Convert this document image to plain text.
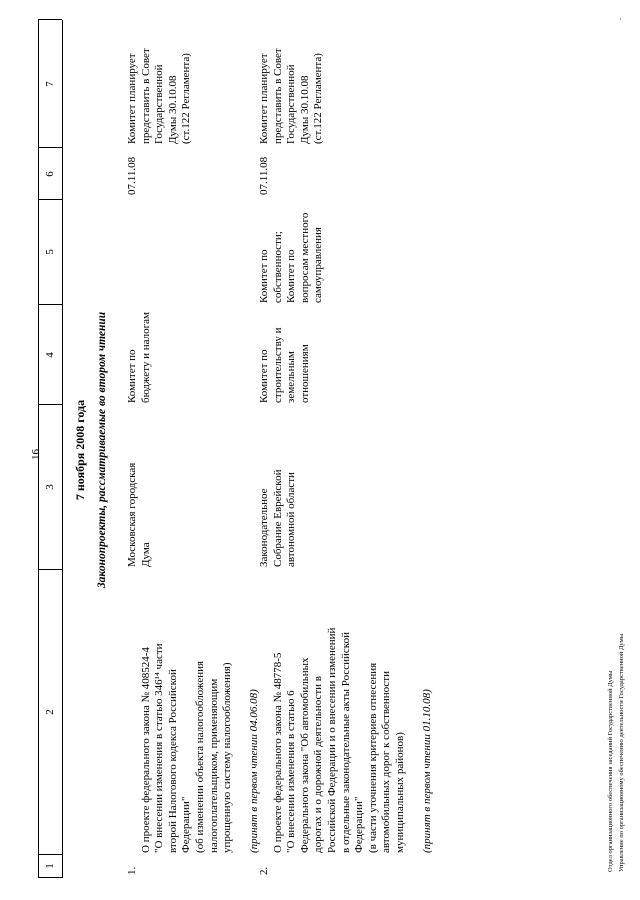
16
1
2
3
4
5
6
7
7 ноября 2008 года Законопроекты, рассматриваемые во втором чтении
1.

О проекте федерального закона № 408524-4
"О внесении изменения в статью 346¹⁴ части
второй Налогового кодекса Российской
Федерации"
(об изменении объекта налогообложения
налогоплательщиком, применяющим
упрощенную систему налогообложения) (принят в первом чтении 04.06.08)

Московская городская
Дума
Комитет по
бюджету и налогам
07.11.08
Комитет планирует
представить в Совет
Государственной
Думы 30.10.08
(ст.122 Регламента)
2.

О проекте федерального закона № 48778-5
"О внесении изменения в статью 6
Федерального закона "Об автомобильных
дорогах и о дорожной деятельности в
Российской Федерации и о внесении изменений
в отдельные законодательные акты Российской
Федерации"
(в части уточнения критериев отнесения
автомобильных дорог к собственности
муниципальных районов) (принят в первом чтении 01.10.08)

Законодательное
Собрание Еврейской
автономной области
Комитет по
строительству и
земельным
отношениям
Комитет по
собственности;
Комитет по
вопросам местного
самоуправления
07.11.08
Комитет планирует
представить в Совет
Государственной
Думы 30.10.08
(ст.122 Регламента)
Отдел организационного обеспечения заседаний Государственной Думы Управление по организационному обеспечению деятельности Государственной Думы
.
